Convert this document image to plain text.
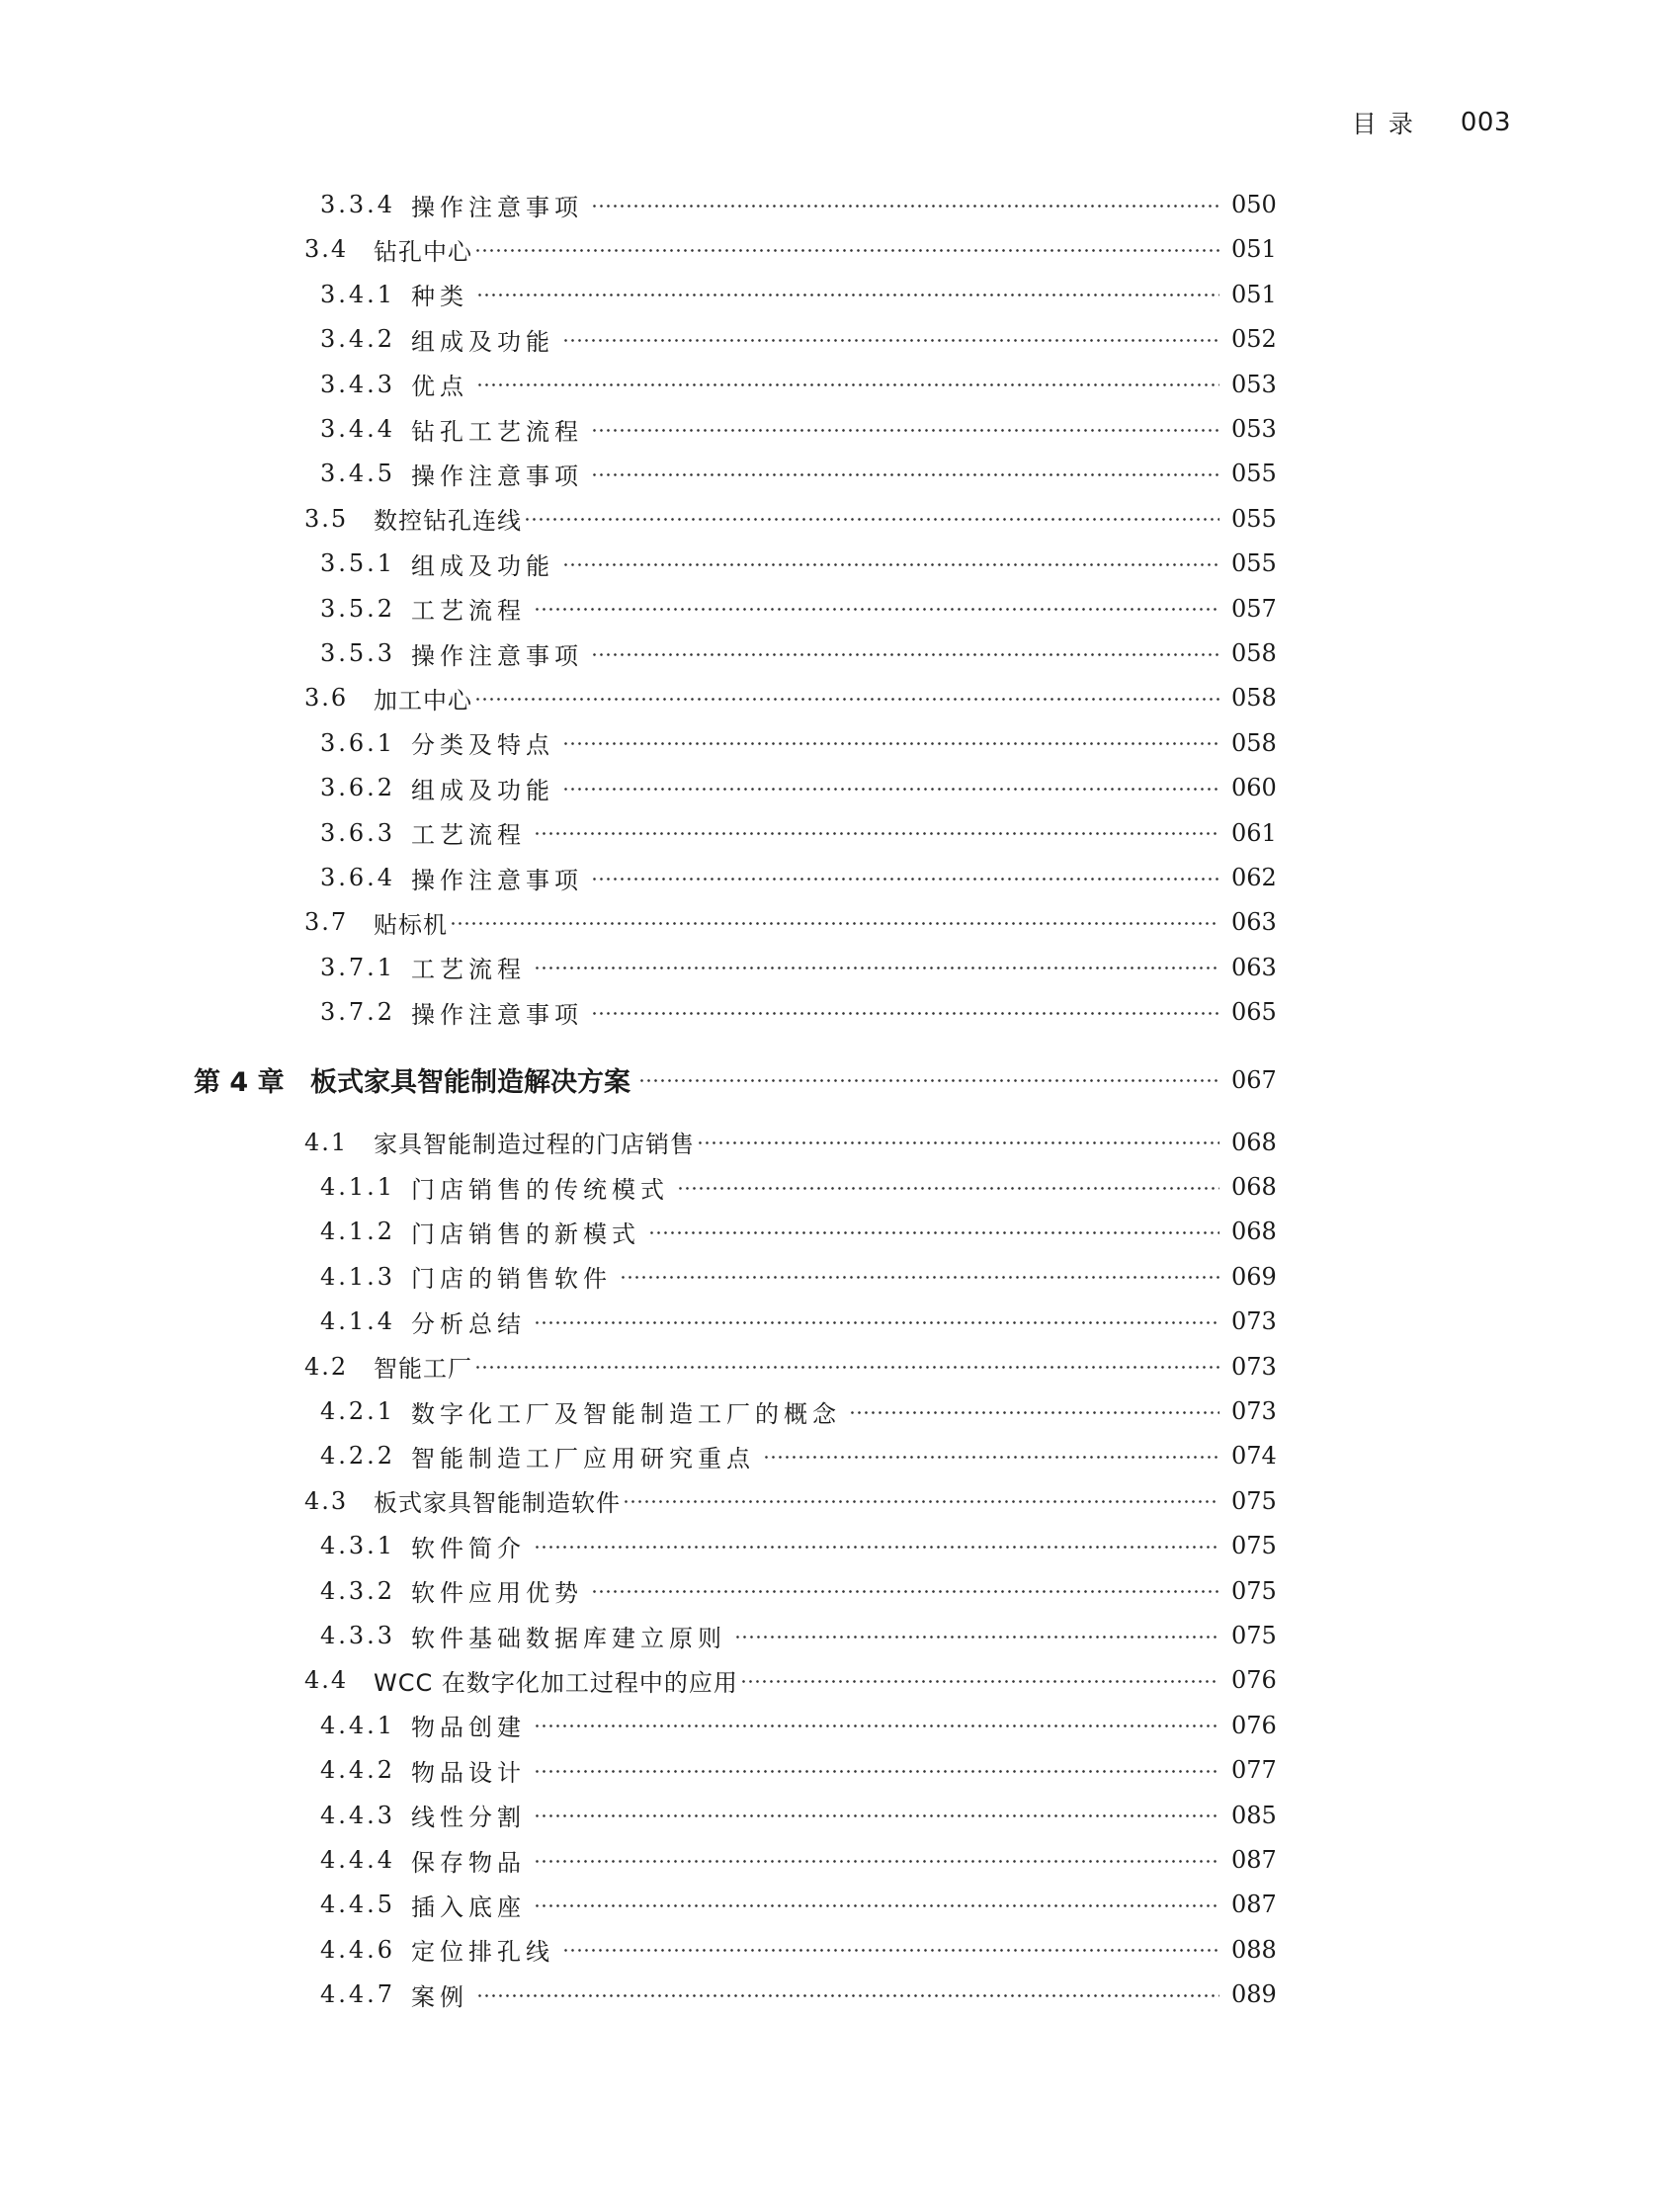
目录 003
3.3.4 操作注意事项	050
3.4	钻孔中心	051
3.4.1 种类	051
3.4.2 组成及功能	052
3.4.3 优点	053
3.4.4 钻孔工艺流程	053
3.4.5 操作注意事项	055
3.5	数控钻孔连线	055
3.5.1 组成及功能	055
3.5.2 工艺流程	057
3.5.3 操作注意事项	058
3.6	加工中心	058
3.6.1 分类及特点	058
3.6.2 组成及功能	060
3.6.3 工艺流程	061
3.6.4 操作注意事项	062
3.7	贴标机	063
3.7.1 工艺流程	063
3.7.2 操作注意事项	065
第 4 章 板式家具智能制造解决方案	067
4.1	家具智能制造过程的门店销售	068
4.1.1 门店销售的传统模式	068
4.1.2 门店销售的新模式	068
4.1.3 门店的销售软件	069
4.1.4 分析总结	073
4.2	智能工厂	073
4.2.1 数字化工厂及智能制造工厂的概念	073
4.2.2 智能制造工厂应用研究重点	074
4.3	板式家具智能制造软件	075
4.3.1 软件简介	075
4.3.2 软件应用优势	075
4.3.3 软件基础数据库建立原则	075
4.4	WCC 在数字化加工过程中的应用	076
4.4.1 物品创建	076
4.4.2 物品设计	077
4.4.3 线性分割	085
4.4.4 保存物品	087
4.4.5 插入底座	087
4.4.6 定位排孔线	088
4.4.7 案例	089
